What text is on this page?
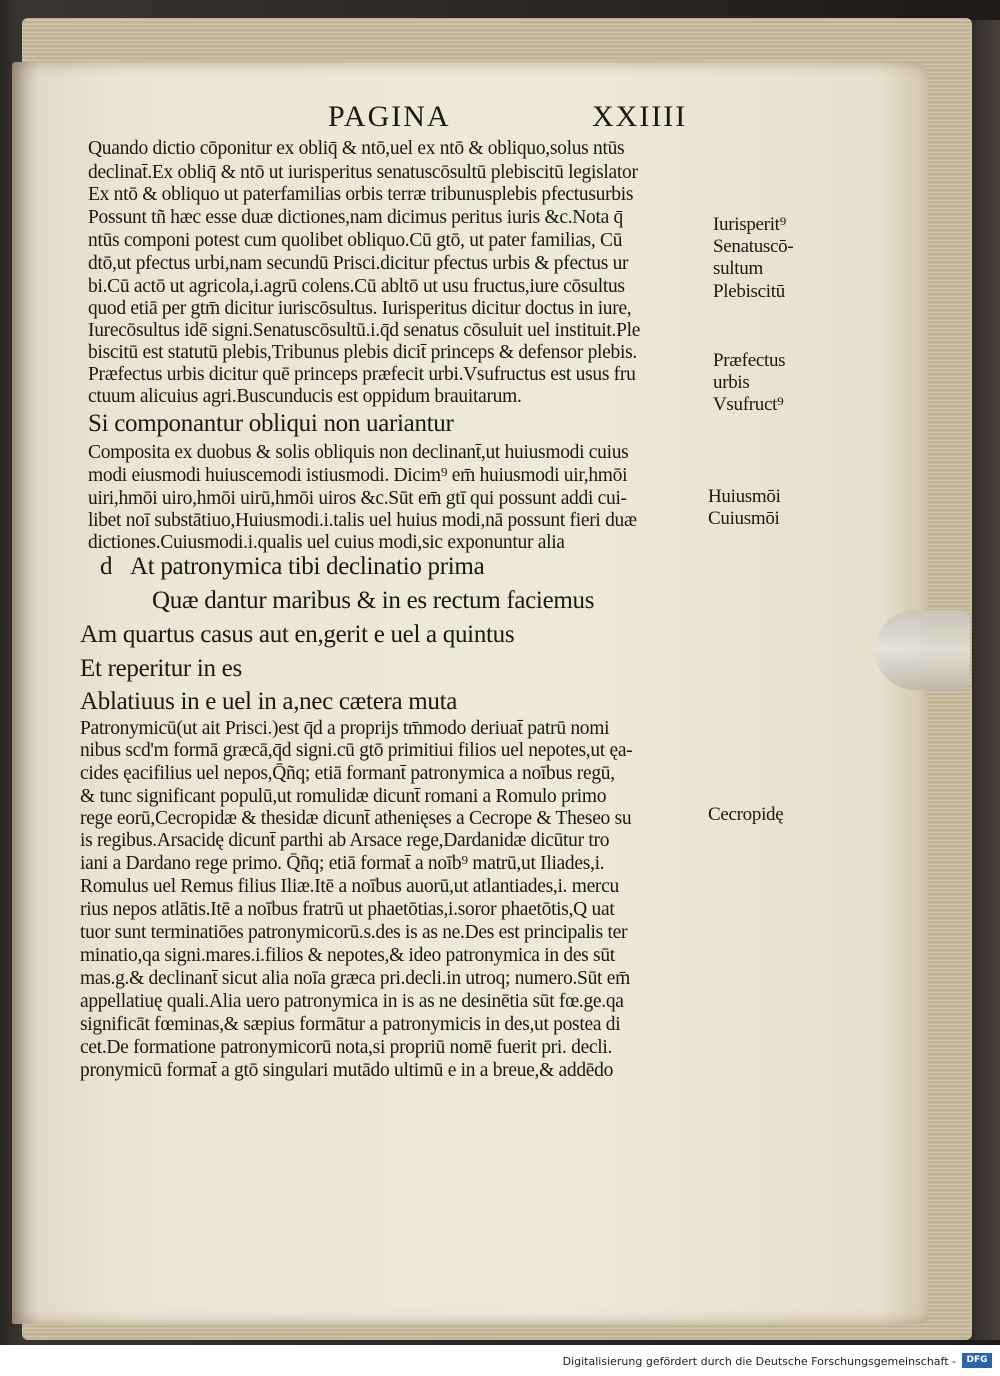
PAGINA	XXIIII
Quando dictio cōponitur ex obliq̄ & ntō,uel ex ntō & obliquo,solus ntūs
declinat̄.Ex obliq̄ & ntō ut iurisperitus senatuscōsultū plebiscitū legislator
Ex ntō & obliquo ut paterfamilias orbis terræ tribunusplebis pfectusurbis
Possunt tñ hæc esse duæ dictiones,nam dicimus peritus iuris &c.Nota q̄
ntūs componi potest cum quolibet obliquo.Cū gtō, ut pater familias, Cū
dtō,ut pfectus urbi,nam secundū Prisci.dicitur pfectus urbis & pfectus ur
bi.Cū actō ut agricola,i.agrū colens.Cū abltō ut usu fructus,iure cōsultus
quod etiā per gtm̄ dicitur iuriscōsultus. Iurisperitus dicitur doctus in iure,
Iurecōsultus idē signi.Senatuscōsultū.i.q̄d senatus cōsuluit uel instituit.Ple
biscitū est statutū plebis,Tribunus plebis dicit̄ princeps & defensor plebis.
Præfectus urbis dicitur quē princeps præfecit urbi.Vsufructus est usus fru
ctuum alicuius agri.Buscunducis est oppidum brauitarum.
Si componantur obliqui non uariantur
Composita ex duobus & solis obliquis non declinant̄,ut huiusmodi cuius
modi eiusmodi huiuscemodi istiusmodi. Dicim⁹ em̄ huiusmodi uir,hmōi
uiri,hmōi uiro,hmōi uirū,hmōi uiros &c.Sūt em̄ gtī qui possunt addi cui-
libet noī substātiuo,Huiusmodi.i.talis uel huius modi,nā possunt fieri duæ
dictiones.Cuiusmodi.i.qualis uel cuius modi,sic exponuntur alia
d At patronymica tibi declinatio prima
Quæ dantur maribus & in es rectum faciemus
Am quartus casus aut en,gerit e uel a quintus
Et reperitur in es
Ablatiuus in e uel in a,nec cætera muta
Patronymicū(ut ait Prisci.)est q̄d a proprijs tm̄modo deriuat̄ patrū nomi
nibus scd'm formā græcā,q̄d signi.cū gtō primitiui filios uel nepotes,ut ęa-
cides ęacifilius uel nepos,Q̄ñq; etiā formant̄ patronymica a noībus regū,
& tunc significant populū,ut romulidæ dicunt̄ romani a Romulo primo
rege eorū,Cecropidæ & thesidæ dicunt̄ athenięses a Cecrope & Theseo su
is regibus.Arsacidę dicunt̄ parthi ab Arsace rege,Dardanidæ dicūtur tro
iani a Dardano rege primo. Q̄ñq; etiā format̄ a noīb⁹ matrū,ut Iliades,i.
Romulus uel Remus filius Iliæ.Itē a noībus auorū,ut atlantiades,i. mercu
rius nepos atlātis.Itē a noībus fratrū ut phaetōtias,i.soror phaetōtis,Q uat
tuor sunt terminatiōes patronymicorū.s.des is as ne.Des est principalis ter
minatio,qa signi.mares.i.filios & nepotes,& ideo patronymica in des sūt
mas.g.& declinant̄ sicut alia noīa græca pri.decli.in utroq; numero.Sūt em̄
appellatiuę quali.Alia uero patronymica in is as ne desinētia sūt fœ.ge.qa
significāt fœminas,& sæpius formātur a patronymicis in des,ut postea di
cet.De formatione patronymicorū nota,si propriū nomē fuerit pri. decli.
pronymicū format̄ a gtō singulari mutādo ultimū e in a breue,& addēdo
Iurisperit⁹
Senatuscō-
sultum
Plebiscitū
Præfectus
urbis
Vsufruct⁹
Huiusmōi
Cuiusmōi
Cecropidę
Digitalisierung gefördert durch die Deutsche Forschungsgemeinschaft -	DFG
